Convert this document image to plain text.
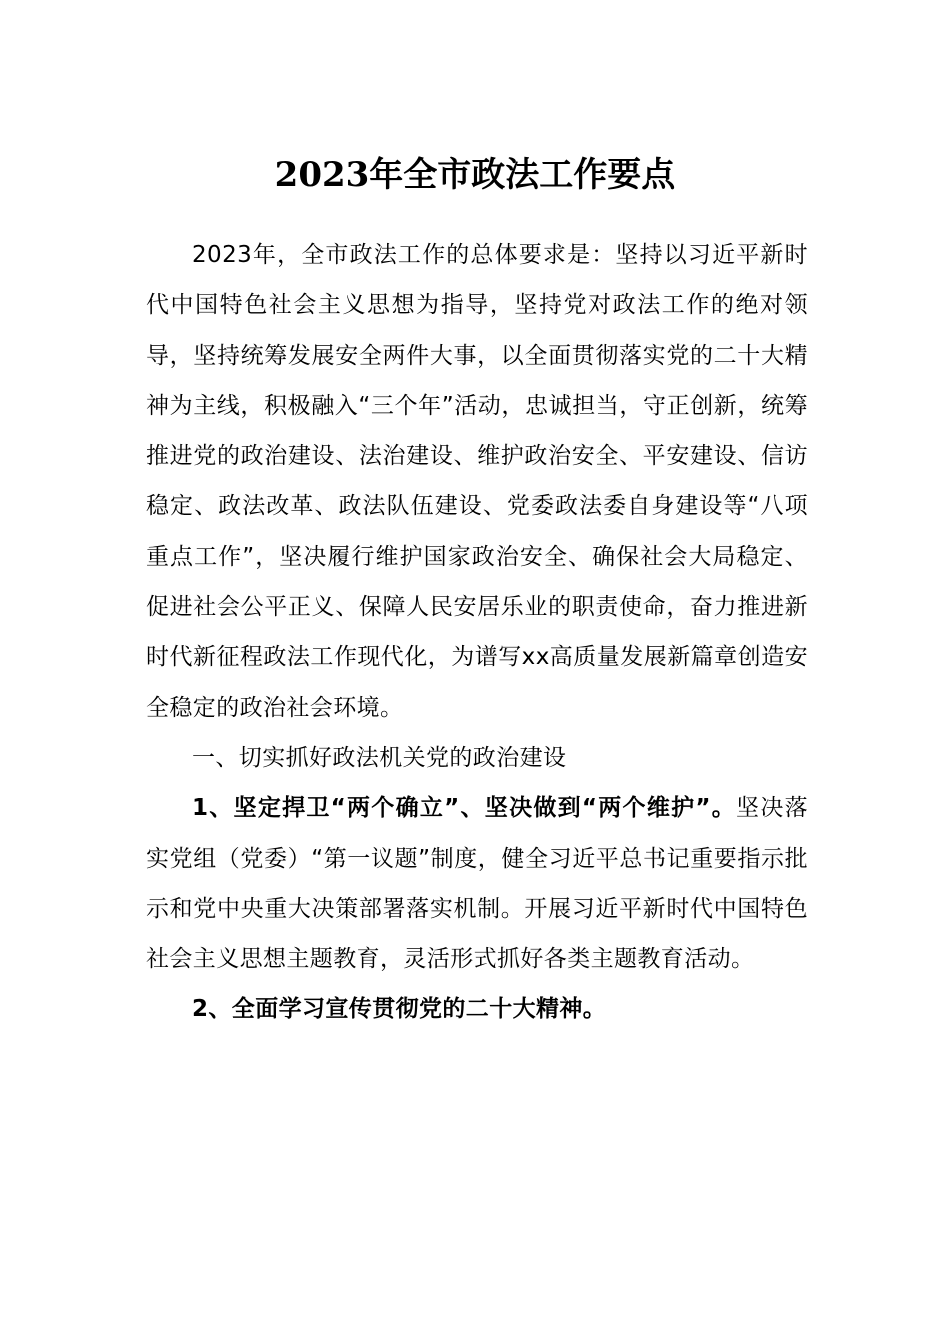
2023年全市政法工作要点

2023年，全市政法工作的总体要求是：坚持以习近平新时代中国特色社会主义思想为指导，坚持党对政法工作的绝对领导，坚持统筹发展安全两件大事，以全面贯彻落实党的二十大精神为主线，积极融入“三个年”活动，忠诚担当，守正创新，统筹推进党的政治建设、法治建设、维护政治安全、平安建设、信访稳定、政法改革、政法队伍建设、党委政法委自身建设等“八项重点工作”，坚决履行维护国家政治安全、确保社会大局稳定、促进社会公平正义、保障人民安居乐业的职责使命，奋力推进新时代新征程政法工作现代化，为谱写xx高质量发展新篇章创造安全稳定的政治社会环境。

一、切实抓好政法机关党的政治建设

1、坚定捍卫“两个确立”、坚决做到“两个维护”。坚决落实党组（党委）“第一议题”制度，健全习近平总书记重要指示批示和党中央重大决策部署落实机制。开展习近平新时代中国特色社会主义思想主题教育，灵活形式抓好各类主题教育活动。

2、全面学习宣传贯彻党的二十大精神。
